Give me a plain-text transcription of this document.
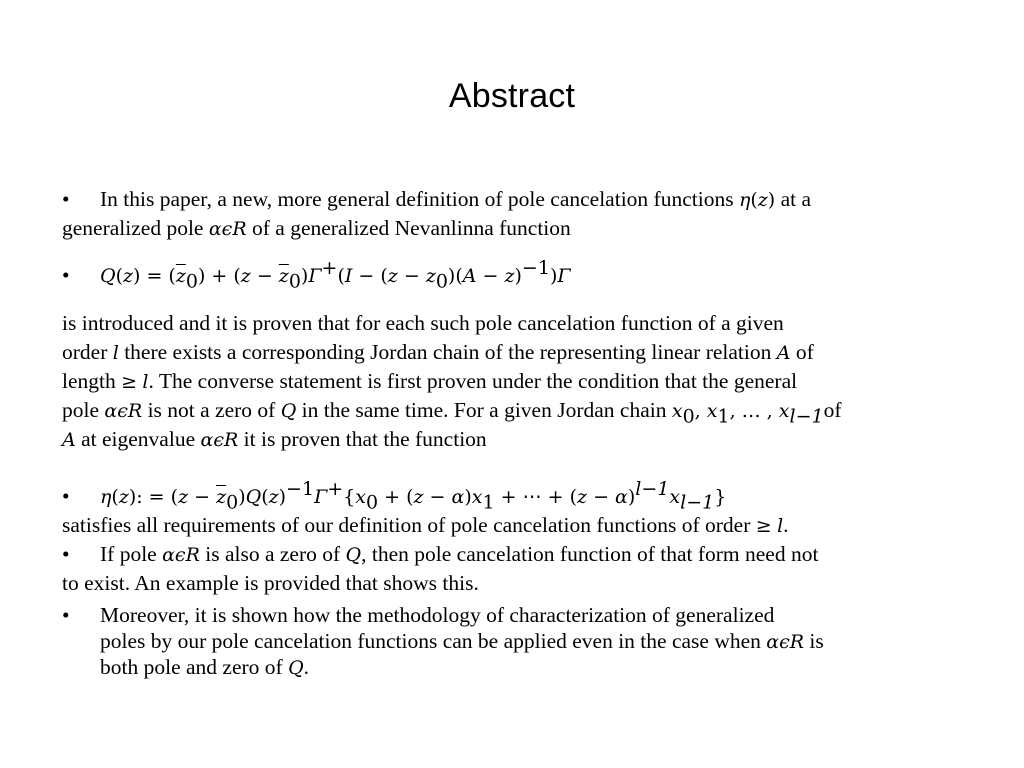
Abstract
• In this paper, a new, more general definition of pole cancelation functions η(z) at a
generalized pole αϵR of a generalized Nevanlinna function
• $Q(z) = (\overline{z}_0) + (z - \overline{z}_0)\Gamma^+(I - (z - z_0)(A - z)^{-1})\Gamma$
is introduced and it is proven that for each such pole cancelation function of a given
order l there exists a corresponding Jordan chain of the representing linear relation A of
length ≥ l. The converse statement is first proven under the condition that the general
pole αϵR is not a zero of Q in the same time. For a given Jordan chain $x_0$, $x_1$, … , $x_{l-1}of$
A at eigenvalue αϵR it is proven that the function
• η(z): = $(z - \overline{z}_0)Q(z)^{-1}\Gamma^+\{x_0 + (z - \alpha)x_1$ + ⋯ + $(z - \alpha)^{l-1}x_{l-1}$}
satisfies all requirements of our definition of pole cancelation functions of order ≥ l.
• If pole αϵR is also a zero of Q, then pole cancelation function of that form need not
to exist. An example is provided that shows this.
• Moreover, it is shown how the methodology of characterization of generalized
poles by our pole cancelation functions can be applied even in the case when αϵR is
both pole and zero of Q.
